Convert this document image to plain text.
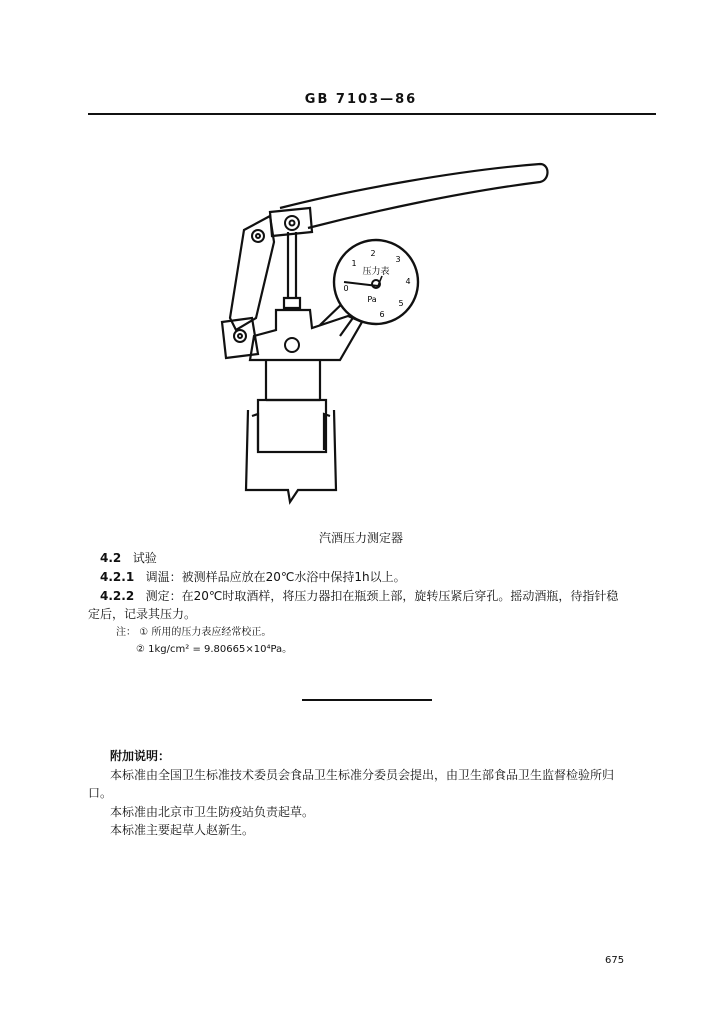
GB 7103—86
2
1	3
0
4
5
6
压力表
Pa
汽酒压力测定器
4.2 试验
4.2.1 调温：被测样品应放在20℃水浴中保持1h以上。
4.2.2 测定：在20℃时取酒样，将压力器扣在瓶颈上部，旋转压紧后穿孔。摇动酒瓶，待指针稳
定后，记录其压力。
注： ① 所用的压力表应经常校正。
② 1kg/cm² = 9.80665×10⁴Pa。
附加说明：
本标准由全国卫生标准技术委员会食品卫生标准分委员会提出，由卫生部食品卫生监督检验所归
口。
本标准由北京市卫生防疫站负责起草。
本标准主要起草人赵新生。
675
